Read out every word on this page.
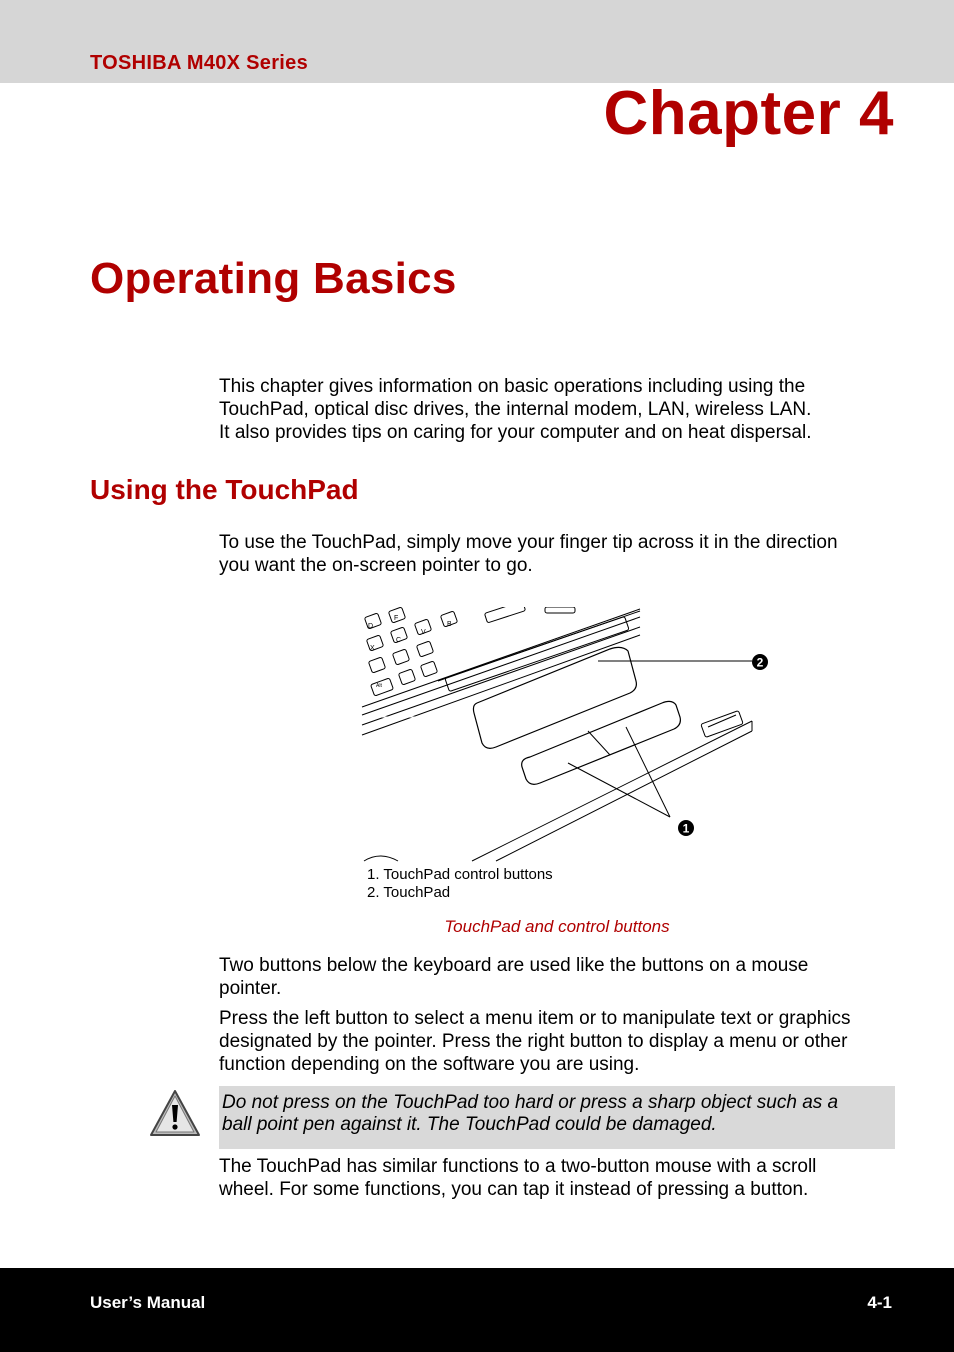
TOSHIBA M40X Series
Chapter 4
Operating Basics
This chapter gives information on basic operations including using the
TouchPad, optical disc drives, the internal modem, LAN, wireless LAN.
It also provides tips on caring for your computer and on heat dispersal.
Using the TouchPad
To use the TouchPad, simply move your finger tip across it in the direction
you want the on-screen pointer to go.
D
F
X
C
V
B
Alt
2
1
1. TouchPad control buttons
2. TouchPad
TouchPad and control buttons
Two buttons below the keyboard are used like the buttons on a mouse
pointer.
Press the left button to select a menu item or to manipulate text or graphics
designated by the pointer. Press the right button to display a menu or other
function depending on the software you are using.
Do not press on the TouchPad too hard or press a sharp object such as a
ball point pen against it. The TouchPad could be damaged.
The TouchPad has similar functions to a two-button mouse with a scroll
wheel. For some functions, you can tap it instead of pressing a button.
User’s Manual	4-1
